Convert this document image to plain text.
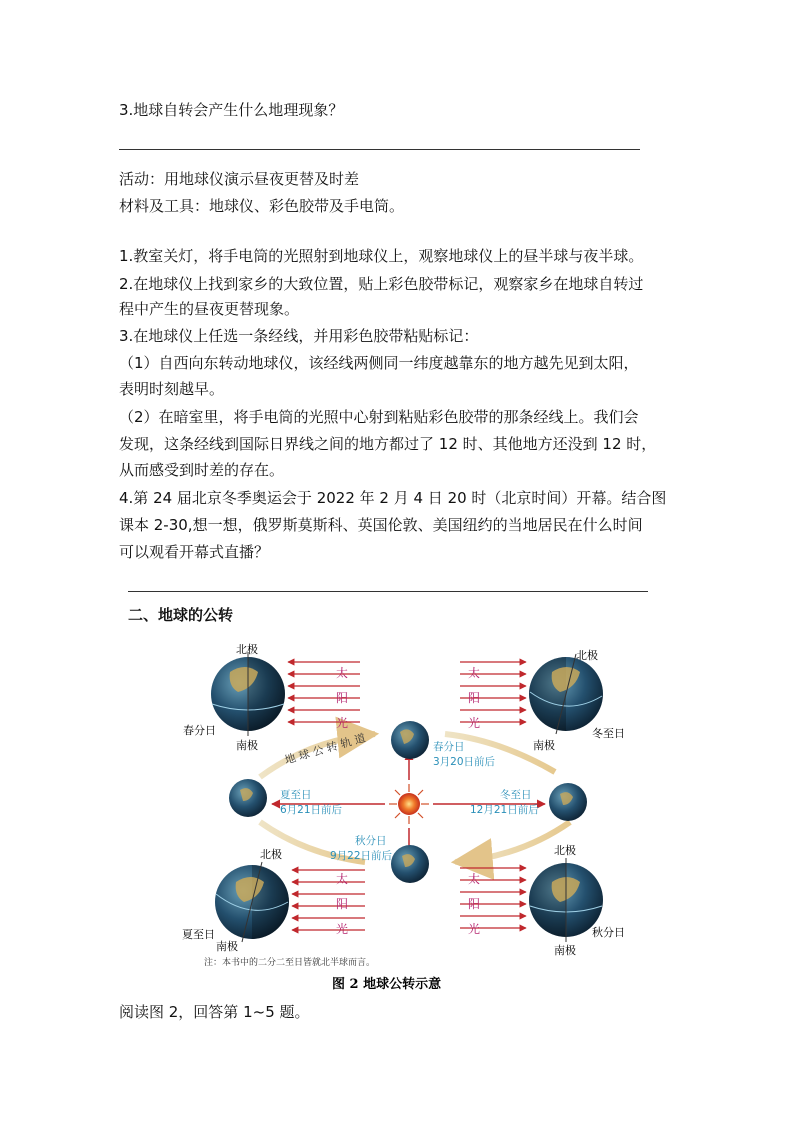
3.地球自转会产生什么地理现象？
活动：用地球仪演示昼夜更替及时差
材料及工具：地球仪、彩色胶带及手电筒。
1.教室关灯，将手电筒的光照射到地球仪上，观察地球仪上的昼半球与夜半球。
2.在地球仪上找到家乡的大致位置，贴上彩色胶带标记，观察家乡在地球自转过
程中产生的昼夜更替现象。
3.在地球仪上任选一条经线，并用彩色胶带粘贴标记：
（1）自西向东转动地球仪，该经线两侧同一纬度越靠东的地方越先见到太阳，
表明时刻越早。
（2）在暗室里，将手电筒的光照中心射到粘贴彩色胶带的那条经线上。我们会
发现，这条经线到国际日界线之间的地方都过了 12 时、其他地方还没到 12 时，
从而感受到时差的存在。
4.第 24 届北京冬季奥运会于 2022 年 2 月 4 日 20 时（北京时间）开幕。结合图
课本 2-30,想一想，俄罗斯莫斯科、英国伦敦、美国纽约的当地居民在什么时间
可以观看开幕式直播？
二、地球的公转
地 球 公 转 轨 道	春分日
3月20日前后
夏至日
6月21日前后
冬至日
12月21日前后
秋分日
9月22日前后
北极
南极
春分日
太
阳
光
北极
南极
冬至日
太
阳
光
北极
南极
夏至日
太
阳
光
北极
南极
秋分日
太
阳
光
注：本书中的二分二至日皆就北半球而言。
图 2 地球公转示意
阅读图 2，回答第 1~5 题。
